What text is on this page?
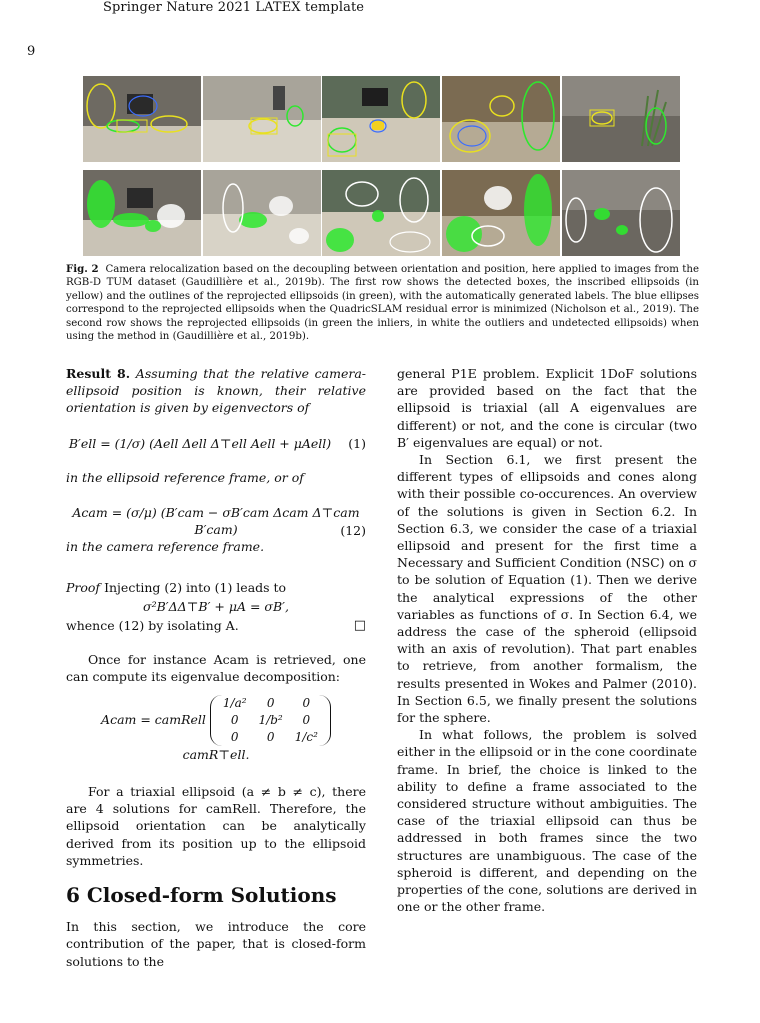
Springer Nature 2021 LATEX template
9
Fig. 2 Camera relocalization based on the decoupling between orientation and position, here applied to images from the RGB-D TUM dataset (Gaudillière et al., 2019b). The first row shows the detected boxes, the inscribed ellipsoids (in yellow) and the outlines of the reprojected ellipsoids (in green), with the automatically generated labels. The blue ellipses correspond to the reprojected ellipsoids when the QuadricSLAM residual error is minimized (Nicholson et al., 2019). The second row shows the reprojected ellipsoids (in green the inliers, in white the outliers and undetected ellipsoids) when using the method in (Gaudillière et al., 2019b).

Result 8. Assuming that the relative camera-ellipsoid position is known, their relative orientation is given by eigenvectors of

B′ell = (1/σ) (Aell Δell Δ⊤ell Aell + μAell) (1)

in the ellipsoid reference frame, or of

Acam = (σ/μ) (B′cam − σB′cam Δcam Δ⊤cam B′cam)	(12)

in the camera reference frame.

Proof Injecting (2) into (1) leads to

σ²B′ΔΔ⊤B′ + μA = σB′,

whence (12) by isolating A.	□

Once for instance Acam is retrieved, one can compute its eigenvalue decomposition:

Acam = camRell
1/a²	0	0
0	1/b²	0
0	0	1/c²
camR⊤ell.

For a triaxial ellipsoid (a ≠ b ≠ c), there are 4 solutions for camRell. Therefore, the ellipsoid orientation can be analytically derived from its position up to the ellipsoid symmetries.

6 Closed-form Solutions

In this section, we introduce the core contribution of the paper, that is closed-form solutions to the

general P1E problem. Explicit 1DoF solutions are provided based on the fact that the ellipsoid is triaxial (all A eigenvalues are different) or not, and the cone is circular (two B′ eigenvalues are equal) or not.

In Section 6.1, we first present the different types of ellipsoids and cones along with their possible co-occurences. An overview of the solutions is given in Section 6.2. In Section 6.3, we consider the case of a triaxial ellipsoid and present for the first time a Necessary and Sufficient Condition (NSC) on σ to be solution of Equation (1). Then we derive the analytical expressions of the other variables as functions of σ. In Section 6.4, we address the case of the spheroid (ellipsoid with an axis of revolution). That part enables to retrieve, from another formalism, the results presented in Wokes and Palmer (2010). In Section 6.5, we finally present the solutions for the sphere.

In what follows, the problem is solved either in the ellipsoid or in the cone coordinate frame. In brief, the choice is linked to the ability to define a frame associated to the considered structure without ambiguities. The case of the triaxial ellipsoid can thus be addressed in both frames since the two structures are unambiguous. The case of the spheroid is different, and depending on the properties of the cone, solutions are derived in one or the other frame.
